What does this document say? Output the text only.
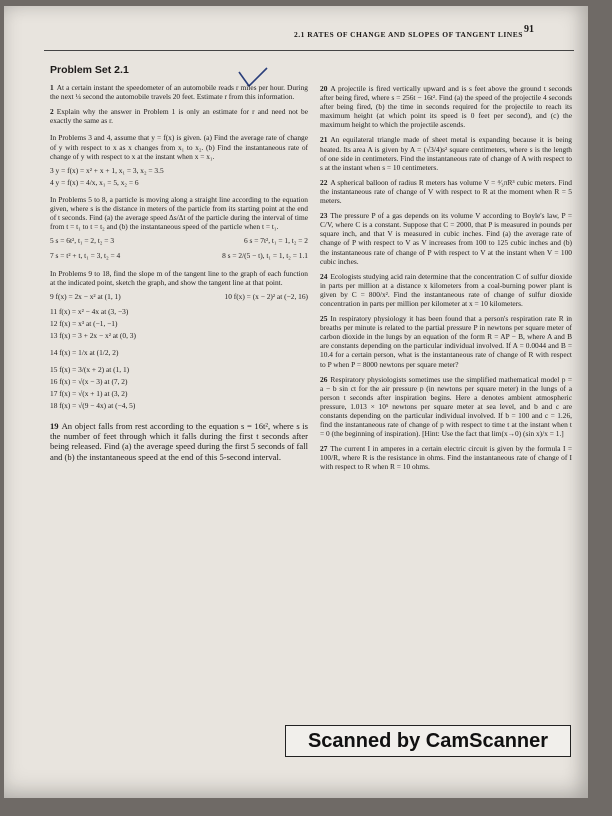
2.1 RATES OF CHANGE AND SLOPES OF TANGENT LINES 91
Problem Set 2.1
1 At a certain instant the speedometer of an automobile reads r miles per hour. During the next ¼ second the automobile travels 20 feet. Estimate r from this information.
2 Explain why the answer in Problem 1 is only an estimate for r and need not be exactly the same as r.
In Problems 3 and 4, assume that y = f(x) is given. (a) Find the average rate of change of y with respect to x as x changes from x₁ to x₂. (b) Find the instantaneous rate of change of y with respect to x at the instant when x = x₁.
3 y = f(x) = x² + x + 1, x₁ = 3, x₂ = 3.5
4 y = f(x) = 4/x, x₁ = 5, x₂ = 6
In Problems 5 to 8, a particle is moving along a straight line according to the equation given, where s is the distance in meters of the particle from its starting point at the end of t seconds. Find (a) the average speed Δs/Δt of the particle during the interval of time from t = t₁ to t = t₂ and (b) the instantaneous speed of the particle when t = t₁.
5 s = 6t², t₁ = 2, t₂ = 3	6 s = 7t², t₁ = 1, t₂ = 2
7 s = t² + t, t₁ = 3, t₂ = 4	8 s = 2/(5 − t), t₁ = 1, t₂ = 1.1
In Problems 9 to 18, find the slope m of the tangent line to the graph of each function at the indicated point, sketch the graph, and show the tangent line at that point.
9 f(x) = 2x − x² at (1, 1)	10 f(x) = (x − 2)² at (−2, 16)
11 f(x) = x² − 4x at (3, −3)
12 f(x) = x³ at (−1, −1)
13 f(x) = 3 + 2x − x² at (0, 3)
14 f(x) = 1/x at (1/2, 2)
15 f(x) = 3/(x + 2) at (1, 1)
16 f(x) = √(x − 3) at (7, 2)
17 f(x) = √(x + 1) at (3, 2)
18 f(x) = √(9 − 4x) at (−4, 5)
19 An object falls from rest according to the equation s = 16t², where s is the number of feet through which it falls during the first t seconds after being released. Find (a) the average speed during the first 5 seconds of fall and (b) the instantaneous speed at the end of this 5-second interval.
20 A projectile is fired vertically upward and is s feet above the ground t seconds after being fired, where s = 256t − 16t². Find (a) the speed of the projectile 4 seconds after being fired, (b) the time in seconds required for the projectile to reach its maximum height (at which point its speed is 0 feet per second), and (c) the maximum height to which the projectile ascends.
21 An equilateral triangle made of sheet metal is expanding because it is being heated. Its area A is given by A = (√3/4)s² square centimeters, where s is the length of one side in centimeters. Find the instantaneous rate of change of A with respect to s at the instant when s = 10 centimeters.
22 A spherical balloon of radius R meters has volume V = ⁴⁄₃πR³ cubic meters. Find the instantaneous rate of change of V with respect to R at the moment when R = 5 meters.
23 The pressure P of a gas depends on its volume V according to Boyle's law, P = C/V, where C is a constant. Suppose that C = 2000, that P is measured in pounds per square inch, and that V is measured in cubic inches. Find (a) the average rate of change of P with respect to V as V increases from 100 to 125 cubic inches and (b) the instantaneous rate of change of P with respect to V at the instant when V = 100 cubic inches.
24 Ecologists studying acid rain determine that the concentration C of sulfur dioxide in parts per million at a distance x kilometers from a coal-burning power plant is given by C = 800/x². Find the instantaneous rate of change of sulfur dioxide concentration in parts per million per kilometer at x = 10 kilometers.
25 In respiratory physiology it has been found that a person's respiration rate R in breaths per minute is related to the partial pressure P in newtons per square meter of carbon dioxide in the lungs by an equation of the form R = AP − B, where A and B are constants depending on the particular individual involved. If A = 0.0044 and B = 10.4 for a certain person, what is the instantaneous rate of change of R with respect to P when P = 8000 newtons per square meter?
26 Respiratory physiologists sometimes use the simplified mathematical model p = a − b sin ct for the air pressure p (in newtons per square meter) in the lungs of a person t seconds after inspiration begins. Here a denotes ambient atmospheric pressure, 1.013 × 10⁵ newtons per square meter at sea level, and b and c are constants depending on the particular individual involved. If b = 100 and c = 1.26, find the instantaneous rate of change of p with respect to time t at the instant when t = 0 (the beginning of inspiration). [Hint: Use the fact that lim(x→0) (sin x)/x = 1.]
27 The current I in amperes in a certain electric circuit is given by the formula I = 100/R, where R is the resistance in ohms. Find the instantaneous rate of change of I with respect to R when R = 10 ohms.
Scanned by CamScanner
